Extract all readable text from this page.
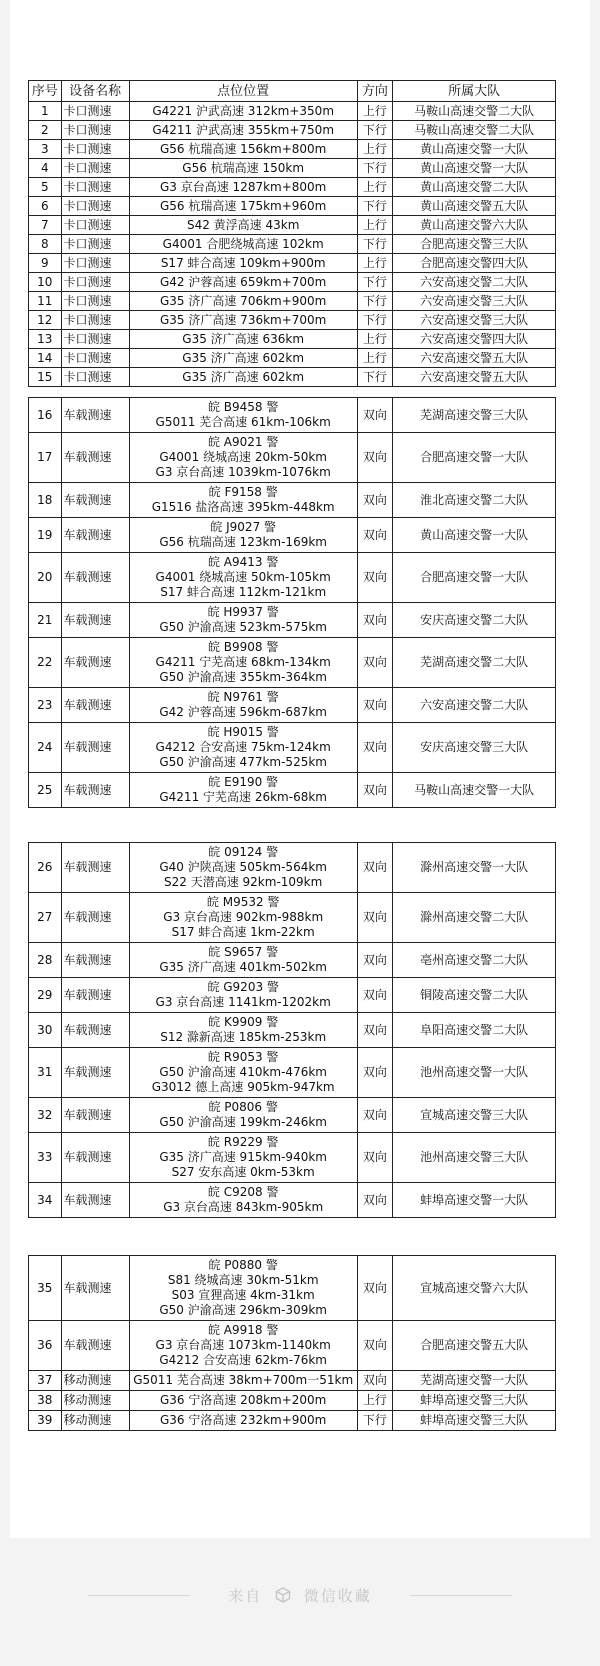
序号	设备名称	点位位置	方向	所属大队
1	卡口测速	G4221 沪武高速 312km+350m	上行	马鞍山高速交警二大队
2	卡口测速	G4211 沪武高速 355km+750m	下行	马鞍山高速交警二大队
3	卡口测速	G56 杭瑞高速 156km+800m	上行	黄山高速交警一大队
4	卡口测速	G56 杭瑞高速 150km	下行	黄山高速交警一大队
5	卡口测速	G3 京台高速 1287km+800m	上行	黄山高速交警二大队
6	卡口测速	G56 杭瑞高速 175km+960m	下行	黄山高速交警五大队
7	卡口测速	S42 黄浮高速 43km	上行	黄山高速交警六大队
8	卡口测速	G4001 合肥绕城高速 102km	下行	合肥高速交警三大队
9	卡口测速	S17 蚌合高速 109km+900m	上行	合肥高速交警四大队
10	卡口测速	G42 沪蓉高速 659km+700m	下行	六安高速交警二大队
11	卡口测速	G35 济广高速 706km+900m	下行	六安高速交警三大队
12	卡口测速	G35 济广高速 736km+700m	下行	六安高速交警三大队
13	卡口测速	G35 济广高速 636km	上行	六安高速交警四大队
14	卡口测速	G35 济广高速 602km	上行	六安高速交警五大队
15	卡口测速	G35 济广高速 602km	下行	六安高速交警五大队
16	车载测速	皖 B9458 警
G5011 芜合高速 61km-106km	双向	芜湖高速交警三大队
17	车载测速	皖 A9021 警
G4001 绕城高速 20km-50km
G3 京台高速 1039km-1076km	双向	合肥高速交警一大队
18	车载测速	皖 F9158 警
G1516 盐洛高速 395km-448km	双向	淮北高速交警二大队
19	车载测速	皖 J9027 警
G56 杭瑞高速 123km-169km	双向	黄山高速交警一大队
20	车载测速	皖 A9413 警
G4001 绕城高速 50km-105km
S17 蚌合高速 112km-121km	双向	合肥高速交警一大队
21	车载测速	皖 H9937 警
G50 沪渝高速 523km-575km	双向	安庆高速交警二大队
22	车载测速	皖 B9908 警
G4211 宁芜高速 68km-134km
G50 沪渝高速 355km-364km	双向	芜湖高速交警二大队
23	车载测速	皖 N9761 警
G42 沪蓉高速 596km-687km	双向	六安高速交警二大队
24	车载测速	皖 H9015 警
G4212 合安高速 75km-124km
G50 沪渝高速 477km-525km	双向	安庆高速交警三大队
25	车载测速	皖 E9190 警
G4211 宁芜高速 26km-68km	双向	马鞍山高速交警一大队
26	车载测速	皖 09124 警
G40 沪陕高速 505km-564km
S22 天潜高速 92km-109km	双向	滁州高速交警一大队
27	车载测速	皖 M9532 警
G3 京台高速 902km-988km
S17 蚌合高速 1km-22km	双向	滁州高速交警二大队
28	车载测速	皖 S9657 警
G35 济广高速 401km-502km	双向	亳州高速交警二大队
29	车载测速	皖 G9203 警
G3 京台高速 1141km-1202km	双向	铜陵高速交警二大队
30	车载测速	皖 K9909 警
S12 滁新高速 185km-253km	双向	阜阳高速交警二大队
31	车载测速	皖 R9053 警
G50 沪渝高速 410km-476km
G3012 德上高速 905km-947km	双向	池州高速交警一大队
32	车载测速	皖 P0806 警
G50 沪渝高速 199km-246km	双向	宣城高速交警三大队
33	车载测速	皖 R9229 警
G35 济广高速 915km-940km
S27 安东高速 0km-53km	双向	池州高速交警三大队
34	车载测速	皖 C9208 警
G3 京台高速 843km-905km	双向	蚌埠高速交警一大队
35	车载测速	皖 P0880 警
S81 绕城高速 30km-51km
S03 宣狸高速 4km-31km
G50 沪渝高速 296km-309km	双向	宣城高速交警六大队
36	车载测速	皖 A9918 警
G3 京台高速 1073km-1140km
G4212 合安高速 62km-76km	双向	合肥高速交警五大队
37	移动测速	G5011 芜合高速 38km+700m一51km	双向	芜湖高速交警一大队
38	移动测速	G36 宁洛高速 208km+200m	上行	蚌埠高速交警三大队
39	移动测速	G36 宁洛高速 232km+900m	下行	蚌埠高速交警三大队
来自	微信收藏
